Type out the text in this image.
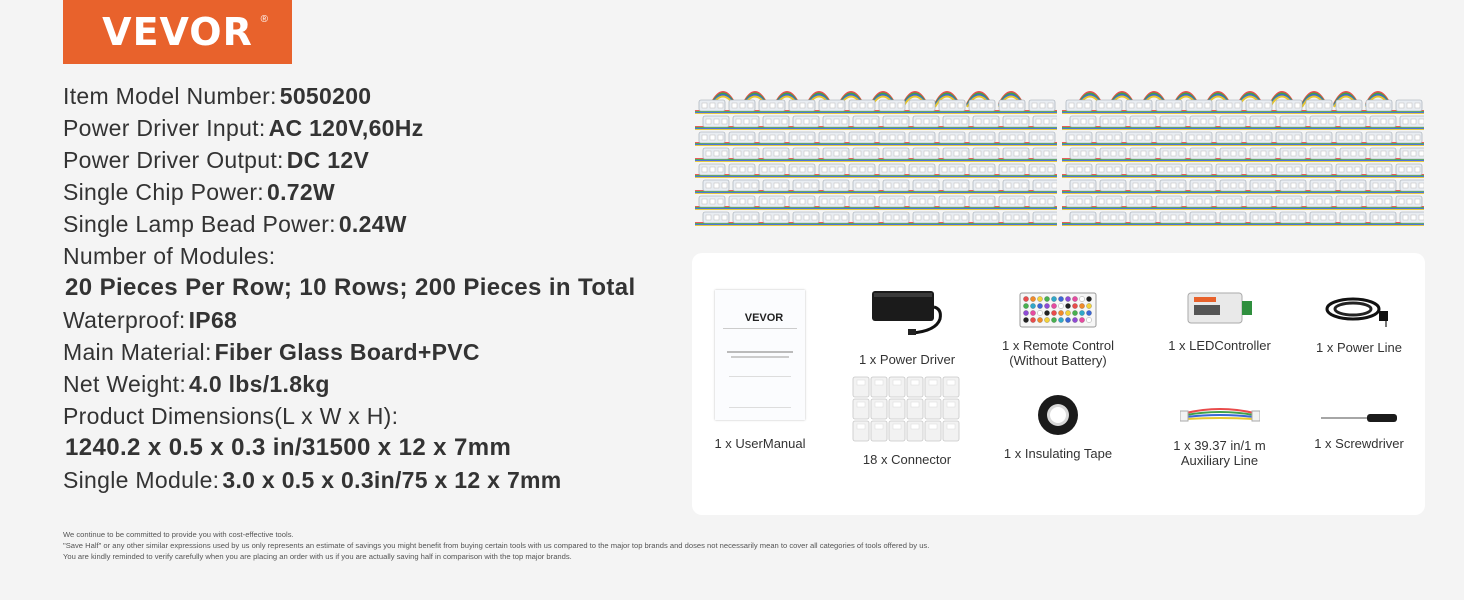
VEVOR ®
Item Model Number: 5050200
Power Driver Input: AC 120V,60Hz
Power Driver Output: DC 12V
Single Chip Power: 0.72W
Single Lamp Bead Power: 0.24W
Number of Modules:
20 Pieces Per Row; 10 Rows; 200 Pieces in Total
Waterproof: IP68
Main Material: Fiber Glass Board+PVC
Net Weight: 4.0 lbs/1.8kg
Product Dimensions(L x W x H):
1240.2 x 0.5 x 0.3 in/31500 x 12 x 7mm
Single Module: 3.0 x 0.5 x 0.3in/75 x 12 x 7mm
VEVOR
1 x UserManual
1 x Power Driver
1 x Remote Control
(Without Battery)
1 x LEDController	1 x Power Line
18 x Connector	1 x Insulating Tape
1 x 39.37 in/1 m
Auxiliary Line
1 x Screwdriver
We continue to be committed to provide you with cost-effective tools.
"Save Half" or any other similar expressions used by us only represents an estimate of savings you might benefit from buying certain tools with us compared to the major top brands and doses not necessarily mean to cover all categories of tools offered by us.
You are kindly reminded to verify carefully when you are placing an order with us if you are actually saving half in comparison with the top major brands.
